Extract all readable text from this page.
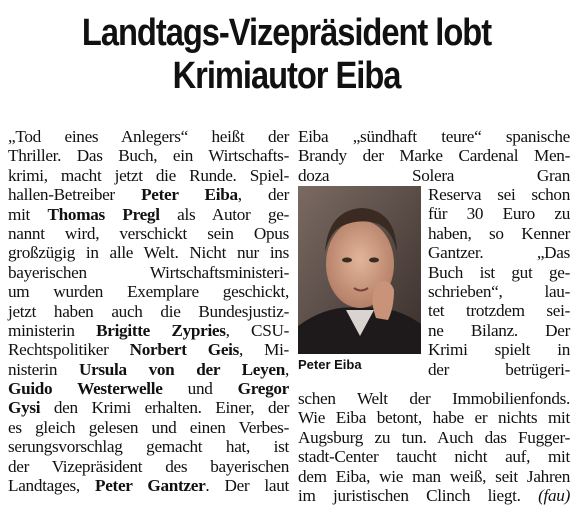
Landtags-Vizepräsident lobt
Krimiautor Eiba
„Tod eines Anlegers“ heißt der
Thriller. Das Buch, ein Wirtschafts-
krimi, macht jetzt die Runde. Spiel-
hallen-Betreiber Peter Eiba, der
mit Thomas Pregl als Autor ge-
nannt wird, verschickt sein Opus
großzügig in alle Welt. Nicht nur ins
bayerischen Wirtschaftsministeri-
um wurden Exemplare geschickt,
jetzt haben auch die Bundesjustiz-
ministerin Brigitte Zypries, CSU-
Rechtspolitiker Norbert Geis, Mi-
nisterin Ursula von der Leyen,
Guido Westerwelle und Gregor
Gysi den Krimi erhalten. Einer, der
es gleich gelesen und einen Verbes-
serungsvorschlag gemacht hat, ist
der Vizepräsident des bayerischen
Landtages, Peter Gantzer. Der laut
Eiba „sündhaft teure“ spanische
Brandy der Marke Cardenal Men-
doza Solera Gran
Reserva sei schon
für 30 Euro zu
haben, so Kenner
Gantzer. „Das
Buch ist gut ge-
schrieben“, lau-
tet trotzdem sei-
ne Bilanz. Der
Krimi spielt in
der betrügeri-
schen Welt der Immobilienfonds.
Wie Eiba betont, habe er nichts mit
Augsburg zu tun. Auch das Fugger-
stadt-Center taucht nicht auf, mit
dem Eiba, wie man weiß, seit Jahren
im juristischen Clinch liegt. (fau)
Peter Eiba
